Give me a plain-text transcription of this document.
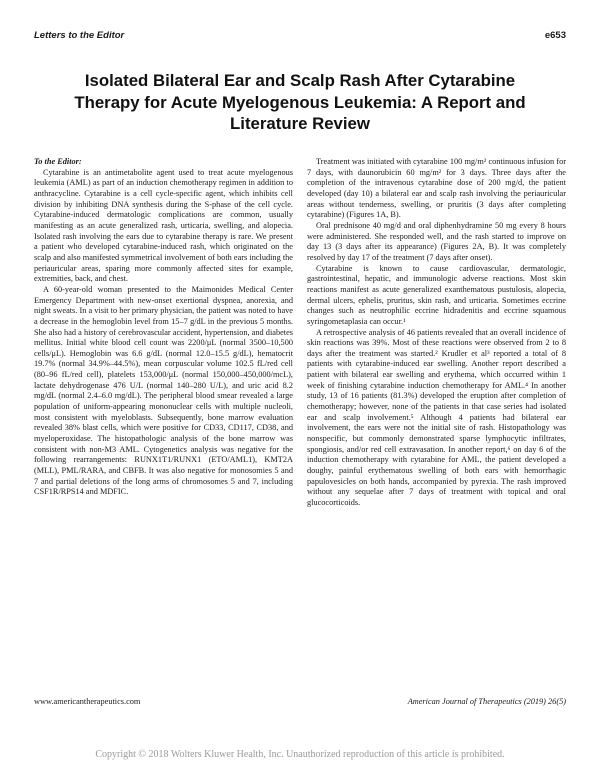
Letters to the Editor	e653
Isolated Bilateral Ear and Scalp Rash After Cytarabine Therapy for Acute Myelogenous Leukemia: A Report and Literature Review

To the Editor:

Cytarabine is an antimetabolite agent used to treat acute myelogenous leukemia (AML) as part of an induction chemotherapy regimen in addition to anthracycline. Cytarabine is a cell cycle-specific agent, which inhibits cell division by inhibiting DNA synthesis during the S-phase of the cell cycle. Cytarabine-induced dermatologic complications are common, usually manifesting as an acute generalized rash, urticaria, swelling, and alopecia. Isolated rash involving the ears due to cytarabine therapy is rare. We present a patient who developed cytarabine-induced rash, which originated on the scalp and also manifested symmetrical involvement of both ears including the periauricular areas, sparing more commonly affected sites for example, extremities, back, and chest.

A 60-year-old woman presented to the Maimonides Medical Center Emergency Department with new-onset exertional dyspnea, anorexia, and night sweats. In a visit to her primary physician, the patient was noted to have a decrease in the hemoglobin level from 15–7 g/dL in the previous 5 months. She also had a history of cerebrovascular accident, hypertension, and diabetes mellitus. Initial white blood cell count was 2200/μL (normal 3500–10,500 cells/μL). Hemoglobin was 6.6 g/dL (normal 12.0–15.5 g/dL), hematocrit 19.7% (normal 34.9%–44.5%), mean corpuscular volume 102.5 fL/red cell (80–96 fL/red cell), platelets 153,000/μL (normal 150,000–450,000/mcL), lactate dehydrogenase 476 U/L (normal 140–280 U/L), and uric acid 8.2 mg/dL (normal 2.4–6.0 mg/dL). The peripheral blood smear revealed a large population of uniform-appearing mononuclear cells with multiple nucleoli, most consistent with myeloblasts. Subsequently, bone marrow evaluation revealed 38% blast cells, which were positive for CD33, CD117, CD38, and myeloperoxidase. The histopathologic analysis of the bone marrow was consistent with non-M3 AML. Cytogenetics analysis was negative for the following rearrangements: RUNX1T1/RUNX1 (ETO/AML1), KMT2A (MLL), PML/RARA, and CBFB. It was also negative for monosomies 5 and 7 and partial deletions of the long arms of chromosomes 5 and 7, including CSF1R/RPS14 and MDFIC.

Treatment was initiated with cytarabine 100 mg/m² continuous infusion for 7 days, with daunorubicin 60 mg/m² for 3 days. Three days after the completion of the intravenous cytarabine dose of 200 mg/d, the patient developed (day 10) a bilateral ear and scalp rash involving the periauricular areas without tenderness, swelling, or pruritis (3 days after completing cytarabine) (Figures 1A, B).

Oral prednisone 40 mg/d and oral diphenhydramine 50 mg every 8 hours were administered. She responded well, and the rash started to improve on day 13 (3 days after its appearance) (Figures 2A, B). It was completely resolved by day 17 of the treatment (7 days after onset).

Cytarabine is known to cause cardiovascular, dermatologic, gastrointestinal, hepatic, and immunologic adverse reactions. Most skin reactions manifest as acute generalized exanthematous pustulosis, alopecia, dermal ulcers, ephelis, pruritus, skin rash, and urticaria. Sometimes eccrine changes such as neutrophilic eccrine hidradenitis and eccrine squamous syringometaplasia can occur.¹

A retrospective analysis of 46 patients revealed that an overall incidence of skin reactions was 39%. Most of these reactions were observed from 2 to 8 days after the treatment was started.² Krudler et al³ reported a total of 8 patients with cytarabine-induced ear swelling. Another report described a patient with bilateral ear swelling and erythema, which occurred within 1 week of finishing cytarabine induction chemotherapy for AML.⁴ In another study, 13 of 16 patients (81.3%) developed the eruption after completion of chemotherapy; however, none of the patients in that case series had isolated ear and scalp involvement.⁵ Although 4 patients had bilateral ear involvement, the ears were not the initial site of rash. Histopathology was nonspecific, but commonly demonstrated sparse lymphocytic infiltrates, spongiosis, and/or red cell extravasation. In another report,⁶ on day 6 of the induction chemotherapy with cytarabine for AML, the patient developed a doughy, painful erythematous swelling of both ears with hemorrhagic papulovesicles on both hands, accompanied by pyrexia. The rash improved without any sequelae after 7 days of treatment with topical and oral glucocorticoids.

www.americantherapeutics.com	American Journal of Therapeutics (2019) 26(5)
Copyright © 2018 Wolters Kluwer Health, Inc. Unauthorized reproduction of this article is prohibited.
